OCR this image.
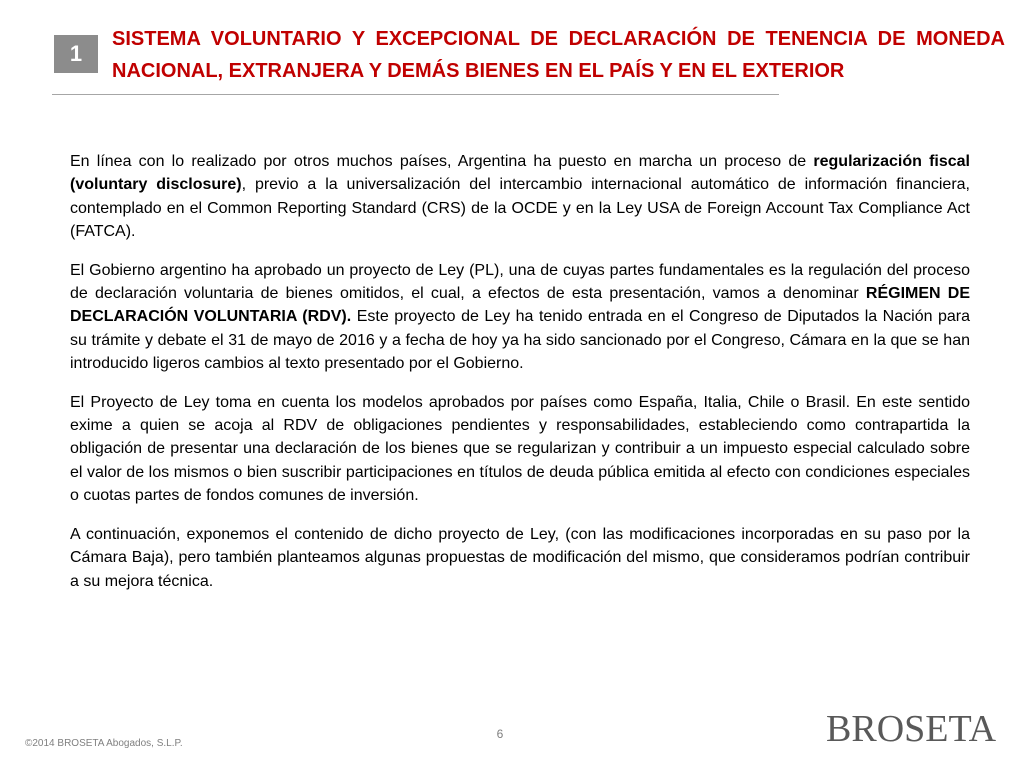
1
SISTEMA VOLUNTARIO Y EXCEPCIONAL DE DECLARACIÓN DE TENENCIA DE MONEDA NACIONAL, EXTRANJERA Y DEMÁS BIENES EN EL PAÍS Y EN EL EXTERIOR

En línea con lo realizado por otros muchos países, Argentina ha puesto en marcha un proceso de regularización fiscal (voluntary disclosure), previo a la universalización del intercambio internacional automático de información financiera, contemplado en el Common Reporting Standard (CRS) de la OCDE y en la Ley USA de Foreign Account Tax Compliance Act (FATCA).

El Gobierno argentino ha aprobado un proyecto de Ley (PL), una de cuyas partes fundamentales es la regulación del proceso de declaración voluntaria de bienes omitidos, el cual, a efectos de esta presentación, vamos a denominar RÉGIMEN DE DECLARACIÓN VOLUNTARIA (RDV). Este proyecto de Ley ha tenido entrada en el Congreso de Diputados la Nación para su trámite y debate el 31 de mayo de 2016 y a fecha de hoy ya ha sido sancionado por el Congreso, Cámara en la que se han introducido ligeros cambios al texto presentado por el Gobierno.

El Proyecto de Ley toma en cuenta los modelos aprobados por países como España, Italia, Chile o Brasil. En este sentido exime a quien se acoja al RDV de obligaciones pendientes y responsabilidades, estableciendo como contrapartida la obligación de presentar una declaración de los bienes que se regularizan y contribuir a un impuesto especial calculado sobre el valor de los mismos o bien suscribir participaciones en títulos de deuda pública emitida al efecto con condiciones especiales o cuotas partes de fondos comunes de inversión.

A continuación, exponemos el contenido de dicho proyecto de Ley, (con las modificaciones incorporadas en su paso por la Cámara Baja), pero también planteamos algunas propuestas de modificación del mismo, que consideramos podrían contribuir a su mejora técnica.

©2014 BROSETA Abogados, S.L.P.
6	BROSETA
